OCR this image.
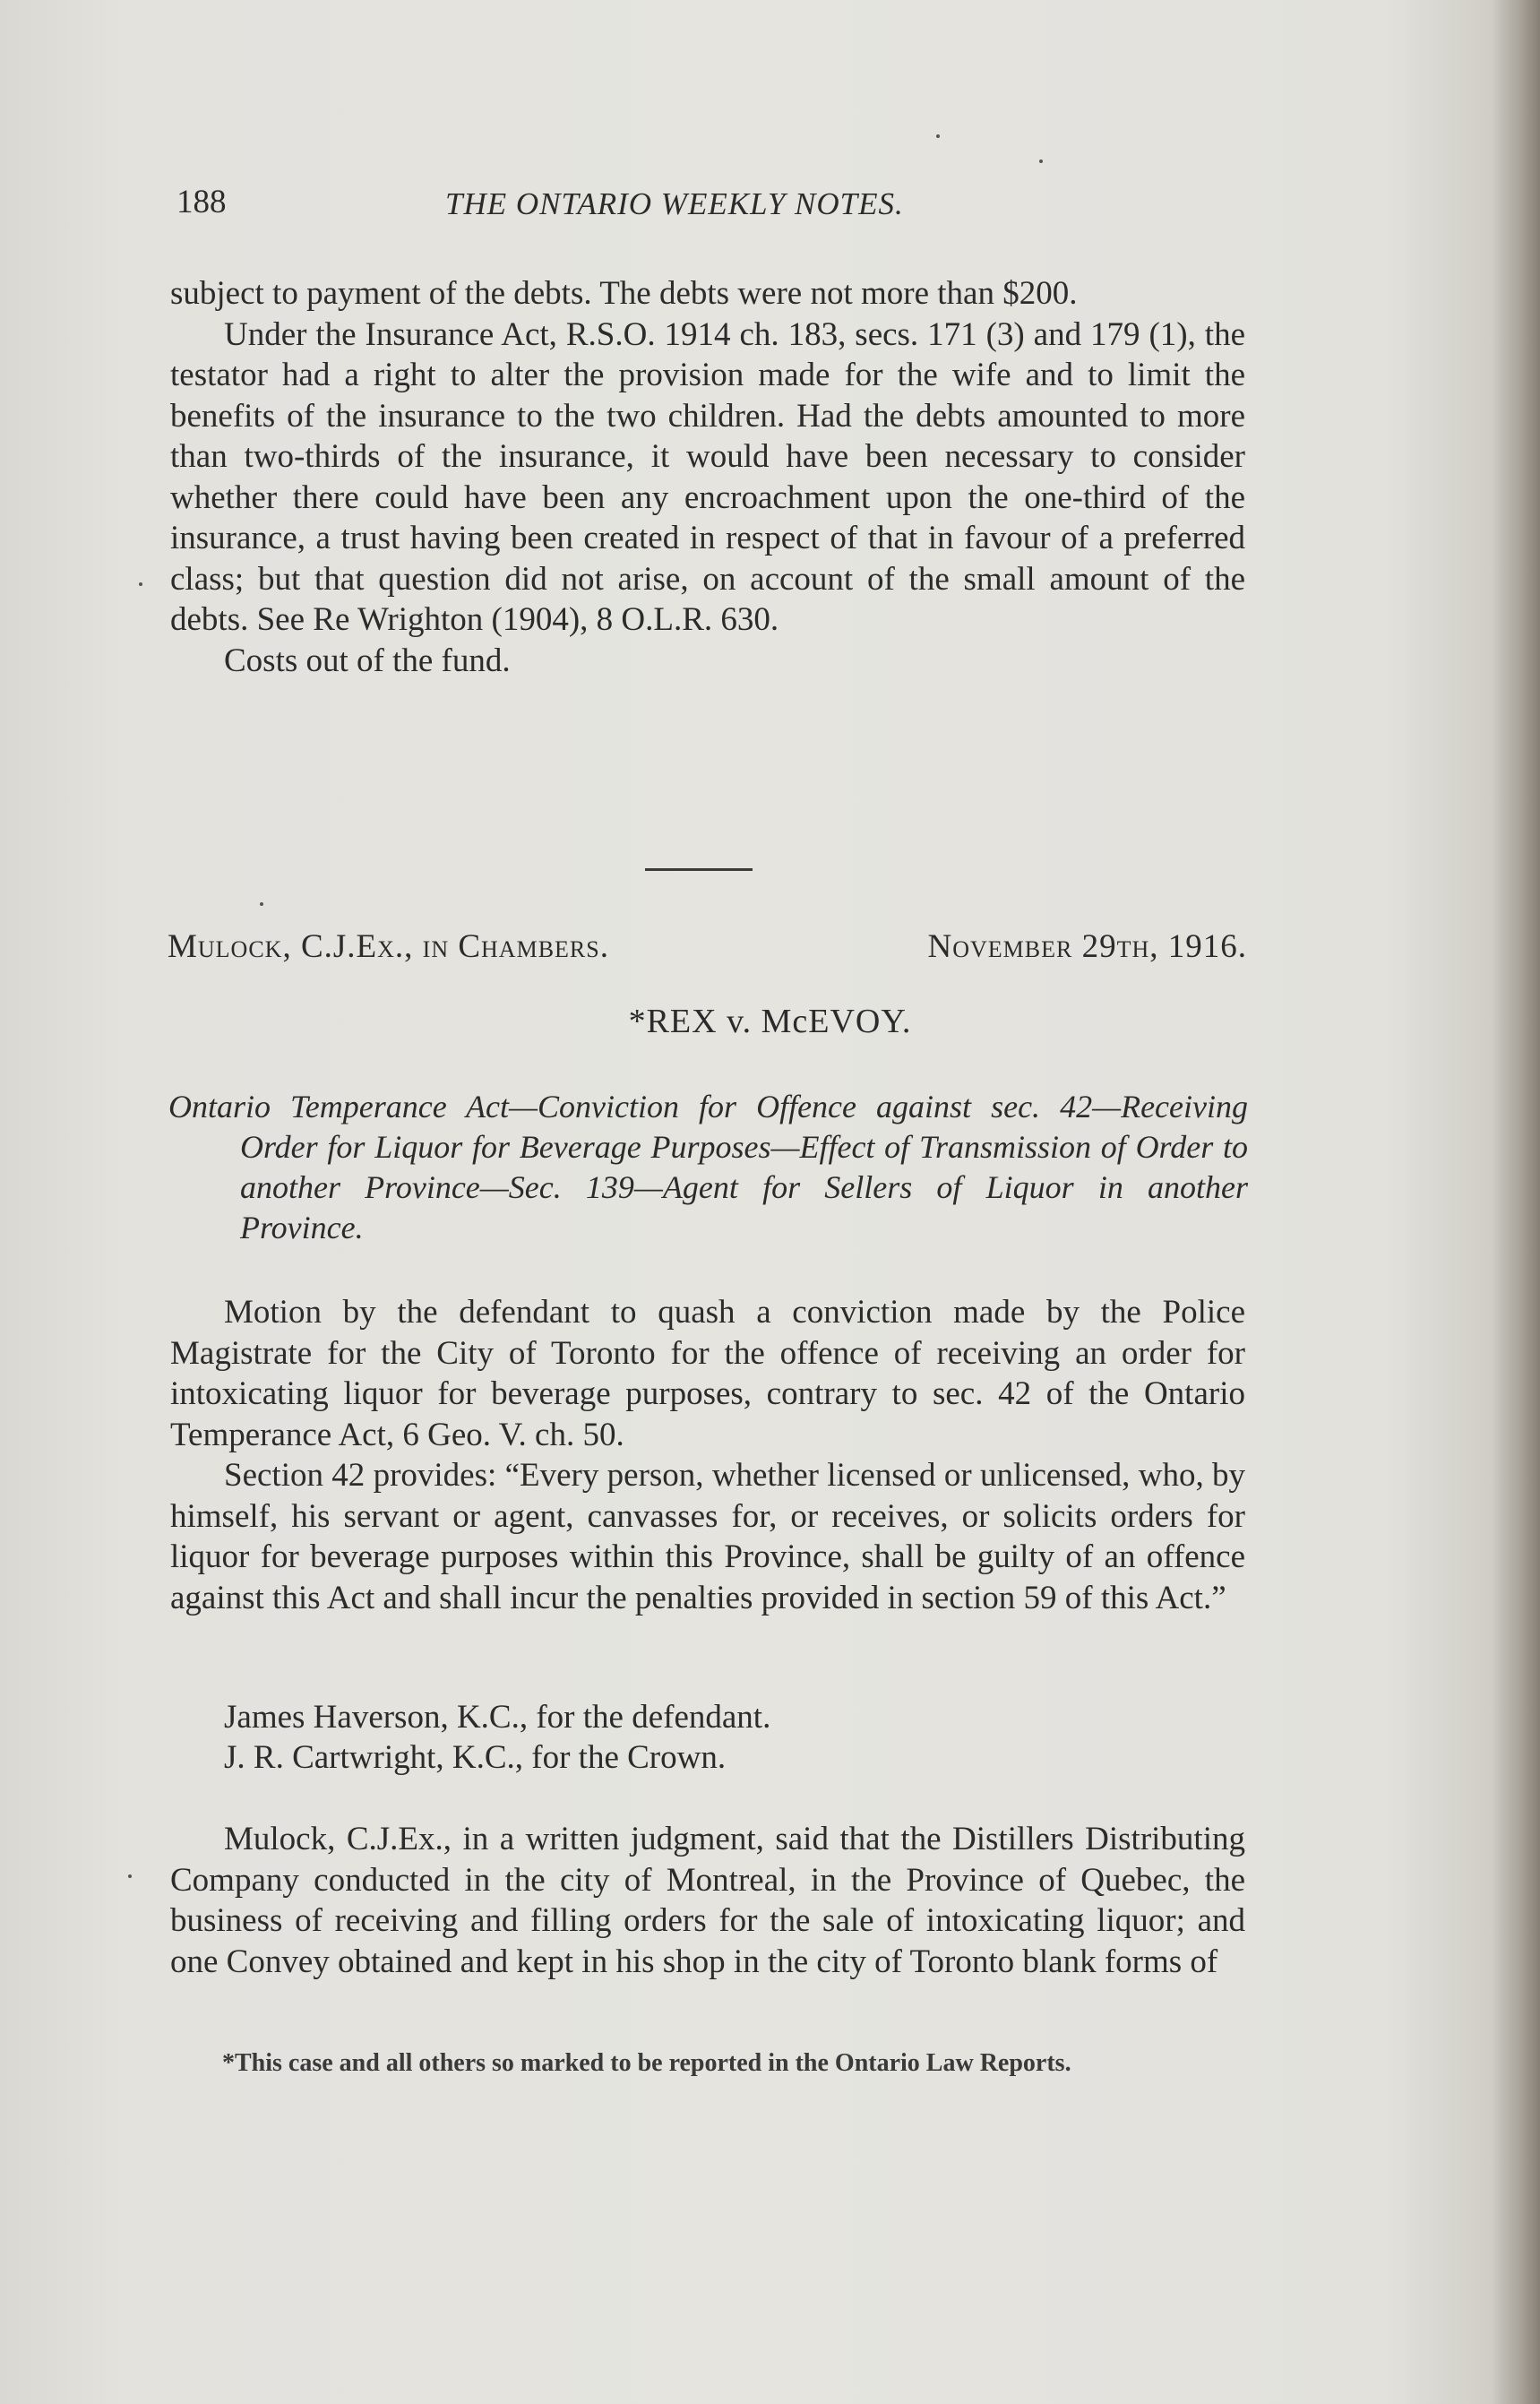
188	THE ONTARIO WEEKLY NOTES.

subject to payment of the debts. The debts were not more than $200.

Under the Insurance Act, R.S.O. 1914 ch. 183, secs. 171 (3) and 179 (1), the testator had a right to alter the provision made for the wife and to limit the benefits of the insurance to the two children. Had the debts amounted to more than two-thirds of the insurance, it would have been necessary to consider whether there could have been any encroachment upon the one-third of the insurance, a trust having been created in respect of that in favour of a preferred class; but that question did not arise, on account of the small amount of the debts. See Re Wrighton (1904), 8 O.L.R. 630.

Costs out of the fund.

Mulock, C.J.Ex., in Chambers.	November 29th, 1916.
*REX v. McEVOY.

Ontario Temperance Act—Conviction for Offence against sec. 42—Receiving Order for Liquor for Beverage Purposes—Effect of Transmission of Order to another Province—Sec. 139—Agent for Sellers of Liquor in another Province.

Motion by the defendant to quash a conviction made by the Police Magistrate for the City of Toronto for the offence of receiving an order for intoxicating liquor for beverage purposes, contrary to sec. 42 of the Ontario Temperance Act, 6 Geo. V. ch. 50.

Section 42 provides: “Every person, whether licensed or unlicensed, who, by himself, his servant or agent, canvasses for, or receives, or solicits orders for liquor for beverage purposes within this Province, shall be guilty of an offence against this Act and shall incur the penalties provided in section 59 of this Act.”

James Haverson, K.C., for the defendant.
J. R. Cartwright, K.C., for the Crown.

Mulock, C.J.Ex., in a written judgment, said that the Distillers Distributing Company conducted in the city of Montreal, in the Province of Quebec, the business of receiving and filling orders for the sale of intoxicating liquor; and one Convey obtained and kept in his shop in the city of Toronto blank forms of

*This case and all others so marked to be reported in the Ontario Law Reports.
